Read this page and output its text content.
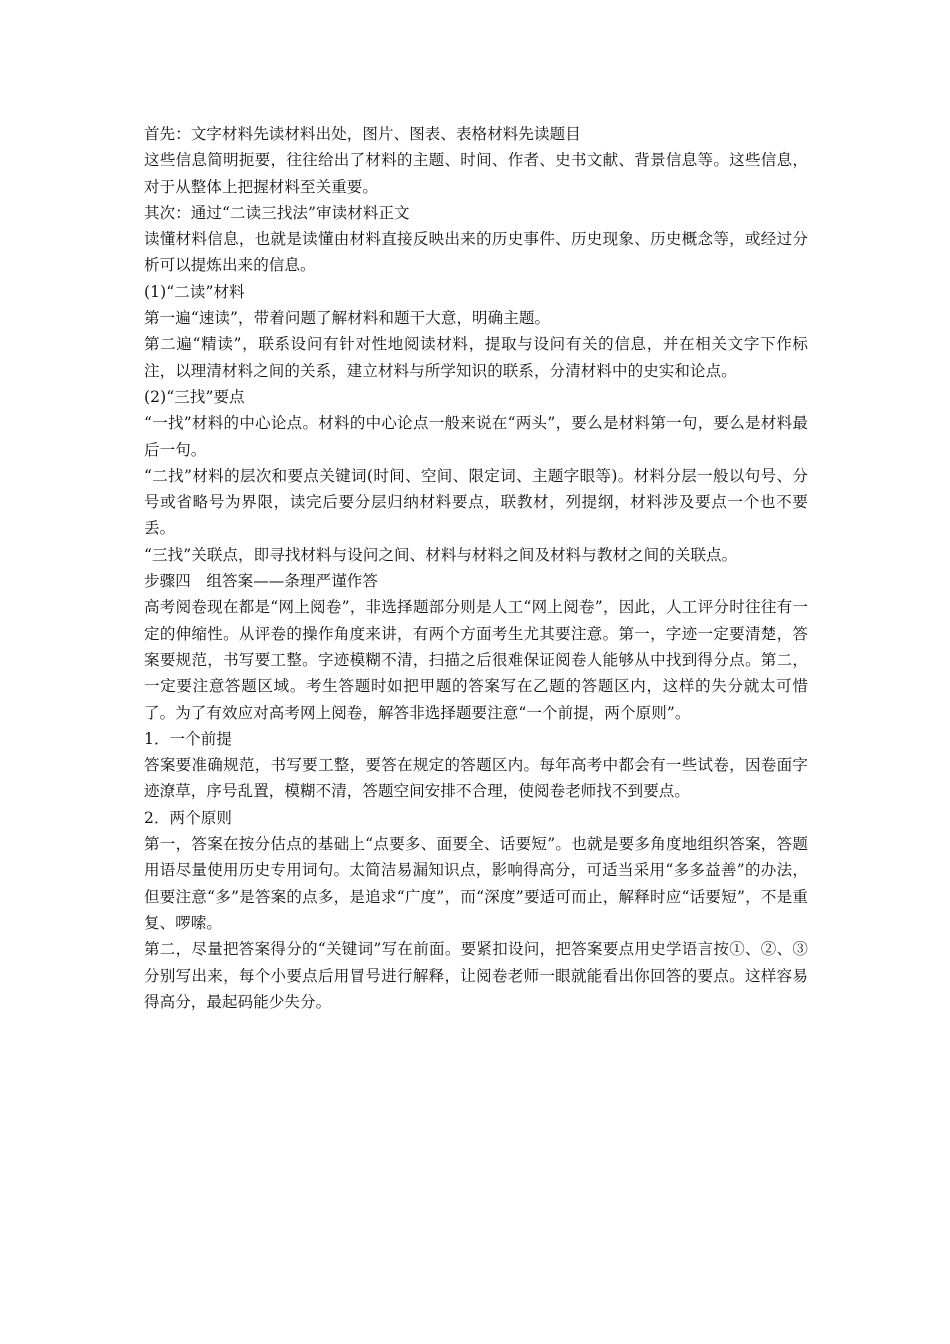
首先：文字材料先读材料出处，图片、图表、表格材料先读题目

这些信息简明扼要，往往给出了材料的主题、时间、作者、史书文献、背景信息等。这些信息，对于从整体上把握材料至关重要。

其次：通过“二读三找法”审读材料正文

读懂材料信息，也就是读懂由材料直接反映出来的历史事件、历史现象、历史概念等，或经过分析可以提炼出来的信息。

(1)“二读”材料

第一遍“速读”，带着问题了解材料和题干大意，明确主题。

第二遍“精读”，联系设问有针对性地阅读材料，提取与设问有关的信息，并在相关文字下作标注，以理清材料之间的关系，建立材料与所学知识的联系，分清材料中的史实和论点。

(2)“三找”要点

“一找”材料的中心论点。材料的中心论点一般来说在“两头”，要么是材料第一句，要么是材料最后一句。

“二找”材料的层次和要点关键词(时间、空间、限定词、主题字眼等)。材料分层一般以句号、分号或省略号为界限，读完后要分层归纳材料要点，联教材，列提纲，材料涉及要点一个也不要丢。

“三找”关联点，即寻找材料与设问之间、材料与材料之间及材料与教材之间的关联点。

步骤四　组答案——条理严谨作答

高考阅卷现在都是“网上阅卷”，非选择题部分则是人工“网上阅卷”，因此，人工评分时往往有一定的伸缩性。从评卷的操作角度来讲，有两个方面考生尤其要注意。第一，字迹一定要清楚，答案要规范，书写要工整。字迹模糊不清，扫描之后很难保证阅卷人能够从中找到得分点。第二，一定要注意答题区域。考生答题时如把甲题的答案写在乙题的答题区内，这样的失分就太可惜了。为了有效应对高考网上阅卷，解答非选择题要注意“一个前提，两个原则”。

1．一个前提

答案要准确规范，书写要工整，要答在规定的答题区内。每年高考中都会有一些试卷，因卷面字迹潦草，序号乱置，模糊不清，答题空间安排不合理，使阅卷老师找不到要点。

2．两个原则

第一，答案在按分估点的基础上“点要多、面要全、话要短”。也就是要多角度地组织答案，答题用语尽量使用历史专用词句。太简洁易漏知识点，影响得高分，可适当采用“多多益善”的办法，但要注意“多”是答案的点多，是追求“广度”，而“深度”要适可而止，解释时应“话要短”，不是重复、啰嗦。

第二，尽量把答案得分的“关键词”写在前面。要紧扣设问，把答案要点用史学语言按①、②、③分别写出来，每个小要点后用冒号进行解释，让阅卷老师一眼就能看出你回答的要点。这样容易得高分，最起码能少失分。
